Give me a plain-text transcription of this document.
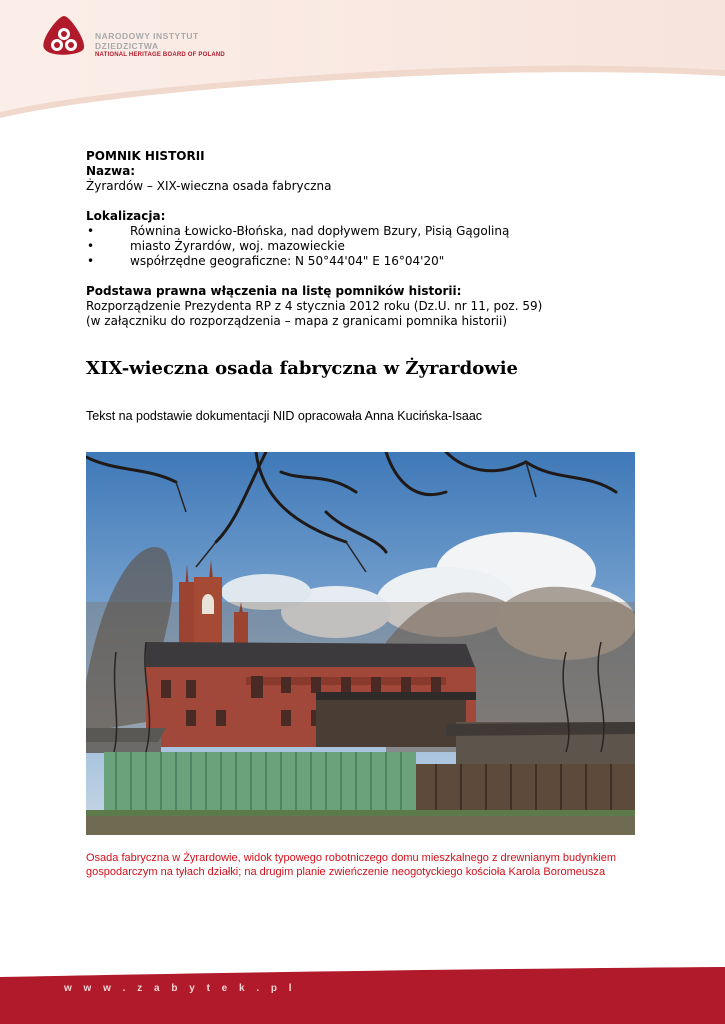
NARODOWY INSTYTUT
DZIEDZICTWA
NATIONAL HERITAGE BOARD OF POLAND
POMNIK HISTORII
Nazwa:
Żyrardów – XIX-wieczna osada fabryczna
Lokalizacja:
• Równina Łowicko-Błońska, nad dopływem Bzury, Pisią Gągoliną
• miasto Żyrardów, woj. mazowieckie
• współrzędne geograficzne: N 50°44'04" E 16°04'20"
Podstawa prawna włączenia na listę pomników historii:
Rozporządzenie Prezydenta RP z 4 stycznia 2012 roku (Dz.U. nr 11, poz. 59)
(w załączniku do rozporządzenia – mapa z granicami pomnika historii)
XIX-wieczna osada fabryczna w Żyrardowie
Tekst na podstawie dokumentacji NID opracowała Anna Kucińska-Isaac
Osada fabryczna w Żyrardowie, widok typowego robotniczego domu mieszkalnego z drewnianym budynkiem
gospodarczym na tyłach działki; na drugim planie zwieńczenie neogotyckiego kościoła Karola Boromeusza
w w w . z a b y t e k . p l
